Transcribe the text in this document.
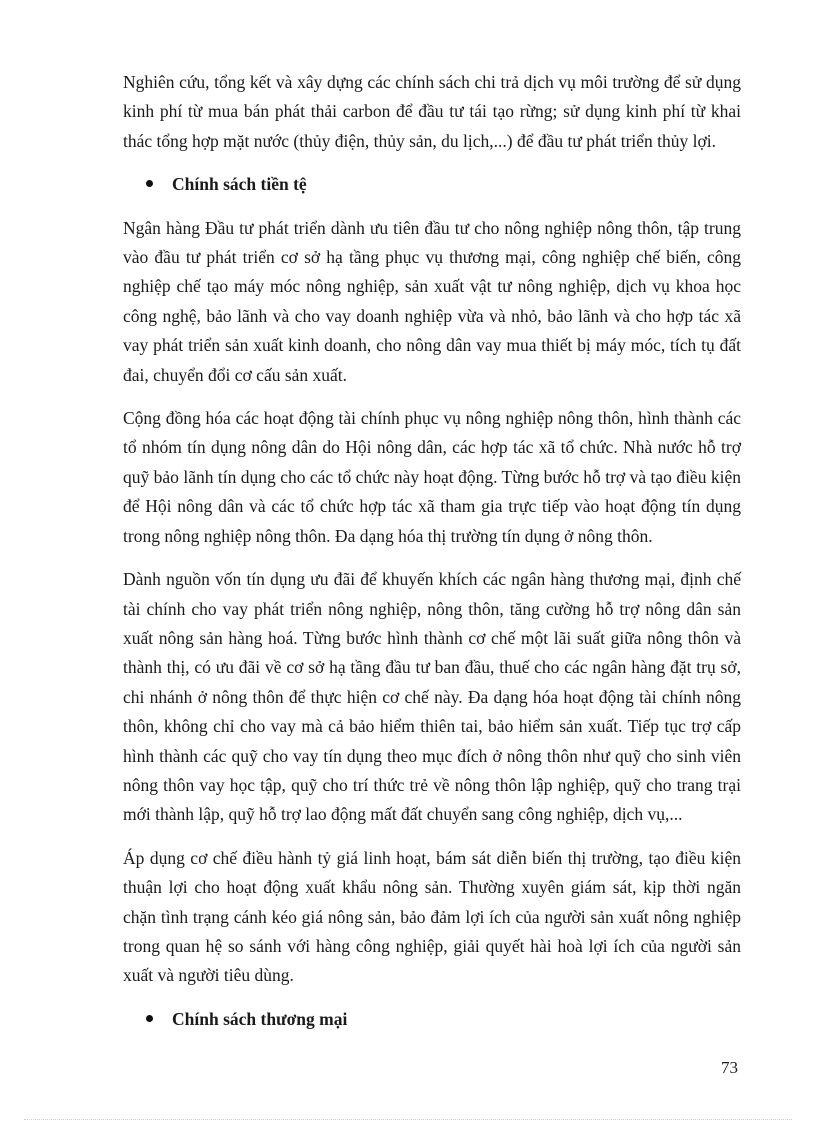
Nghiên cứu, tổng kết và xây dựng các chính sách chi trả dịch vụ môi trường để sử dụng kinh phí từ mua bán phát thải carbon để đầu tư tái tạo rừng; sử dụng kinh phí từ khai thác tổng hợp mặt nước (thủy điện, thủy sản, du lịch,...) để đầu tư phát triển thủy lợi.

Chính sách tiền tệ

Ngân hàng Đầu tư phát triển dành ưu tiên đầu tư cho nông nghiệp nông thôn, tập trung vào đầu tư phát triển cơ sở hạ tầng phục vụ thương mại, công nghiệp chế biến, công nghiệp chế tạo máy móc nông nghiệp, sản xuất vật tư nông nghiệp, dịch vụ khoa học công nghệ, bảo lãnh và cho vay doanh nghiệp vừa và nhỏ, bảo lãnh và cho hợp tác xã vay phát triển sản xuất kinh doanh, cho nông dân vay mua thiết bị máy móc, tích tụ đất đai, chuyển đổi cơ cấu sản xuất.

Cộng đồng hóa các hoạt động tài chính phục vụ nông nghiệp nông thôn, hình thành các tổ nhóm tín dụng nông dân do Hội nông dân, các hợp tác xã tổ chức. Nhà nước hỗ trợ quỹ bảo lãnh tín dụng cho các tổ chức này hoạt động. Từng bước hỗ trợ và tạo điều kiện để Hội nông dân và các tổ chức hợp tác xã tham gia trực tiếp vào hoạt động tín dụng trong nông nghiệp nông thôn. Đa dạng hóa thị trường tín dụng ở nông thôn.

Dành nguồn vốn tín dụng ưu đãi để khuyến khích các ngân hàng thương mại, định chế tài chính cho vay phát triển nông nghiệp, nông thôn, tăng cường hỗ trợ nông dân sản xuất nông sản hàng hoá. Từng bước hình thành cơ chế một lãi suất giữa nông thôn và thành thị, có ưu đãi về cơ sở hạ tầng đầu tư ban đầu, thuế cho các ngân hàng đặt trụ sở, chi nhánh ở nông thôn để thực hiện cơ chế này. Đa dạng hóa hoạt động tài chính nông thôn, không chỉ cho vay mà cả bảo hiểm thiên tai, bảo hiểm sản xuất. Tiếp tục trợ cấp hình thành các quỹ cho vay tín dụng theo mục đích ở nông thôn như quỹ cho sinh viên nông thôn vay học tập, quỹ cho trí thức trẻ về nông thôn lập nghiệp, quỹ cho trang trại mới thành lập, quỹ hỗ trợ lao động mất đất chuyển sang công nghiệp, dịch vụ,...

Áp dụng cơ chế điều hành tỷ giá linh hoạt, bám sát diễn biến thị trường, tạo điều kiện thuận lợi cho hoạt động xuất khẩu nông sản. Thường xuyên giám sát, kịp thời ngăn chặn tình trạng cánh kéo giá nông sản, bảo đảm lợi ích của người sản xuất nông nghiệp trong quan hệ so sánh với hàng công nghiệp, giải quyết hài hoà lợi ích của người sản xuất và người tiêu dùng.

Chính sách thương mại
73
